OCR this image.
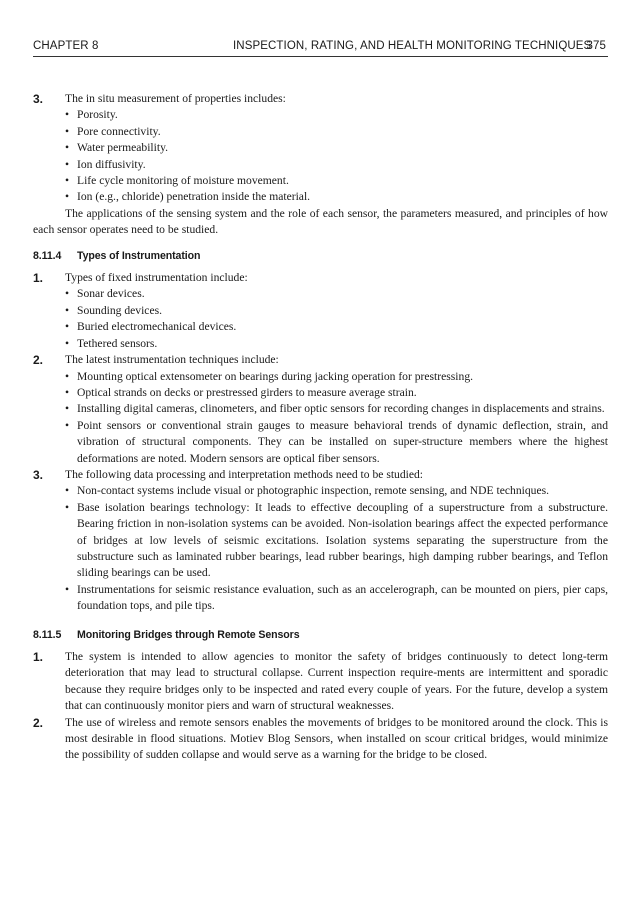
CHAPTER 8	INSPECTION, RATING, AND HEALTH MONITORING TECHNIQUES
375
3. The in situ measurement of properties includes:

• Porosity.
• Pore connectivity.
• Water permeability.
• Ion diffusivity.
• Life cycle monitoring of moisture movement.
• Ion (e.g., chloride) penetration inside the material.

The applications of the sensing system and the role of each sensor, the parameters measured, and principles of how each sensor operates need to be studied.

8.11.4 Types of Instrumentation
1. Types of fixed instrumentation include:

• Sonar devices.
• Sounding devices.
• Buried electromechanical devices.
• Tethered sensors.
2. The latest instrumentation techniques include:

• Mounting optical extensometer on bearings during jacking operation for prestressing.
• Optical strands on decks or prestressed girders to measure average strain.
• Installing digital cameras, clinometers, and fiber optic sensors for recording changes in displacements and strains.
• Point sensors or conventional strain gauges to measure behavioral trends of dynamic deflection, strain, and vibration of structural components. They can be installed on super-structure members where the highest deformations are noted. Modern sensors are optical fiber sensors.
3. The following data processing and interpretation methods need to be studied:

• Non-contact systems include visual or photographic inspection, remote sensing, and NDE techniques.
• Base isolation bearings technology: It leads to effective decoupling of a superstructure from a substructure. Bearing friction in non-isolation systems can be avoided. Non-isolation bearings affect the expected performance of bridges at low levels of seismic excitations. Isolation systems separating the superstructure from the substructure such as laminated rubber bearings, lead rubber bearings, high damping rubber bearings, and Teflon sliding bearings can be used.
• Instrumentations for seismic resistance evaluation, such as an accelerograph, can be mounted on piers, pier caps, foundation tops, and pile tips.
8.11.5 Monitoring Bridges through Remote Sensors
1. The system is intended to allow agencies to monitor the safety of bridges continuously to detect long-term deterioration that may lead to structural collapse. Current inspection require-ments are intermittent and sporadic because they require bridges only to be inspected and rated every couple of years. For the future, develop a system that can continuously monitor piers and warn of structural weaknesses.

2. The use of wireless and remote sensors enables the movements of bridges to be monitored around the clock. This is most desirable in flood situations. Motiev Blog Sensors, when installed on scour critical bridges, would minimize the possibility of sudden collapse and would serve as a warning for the bridge to be closed.
